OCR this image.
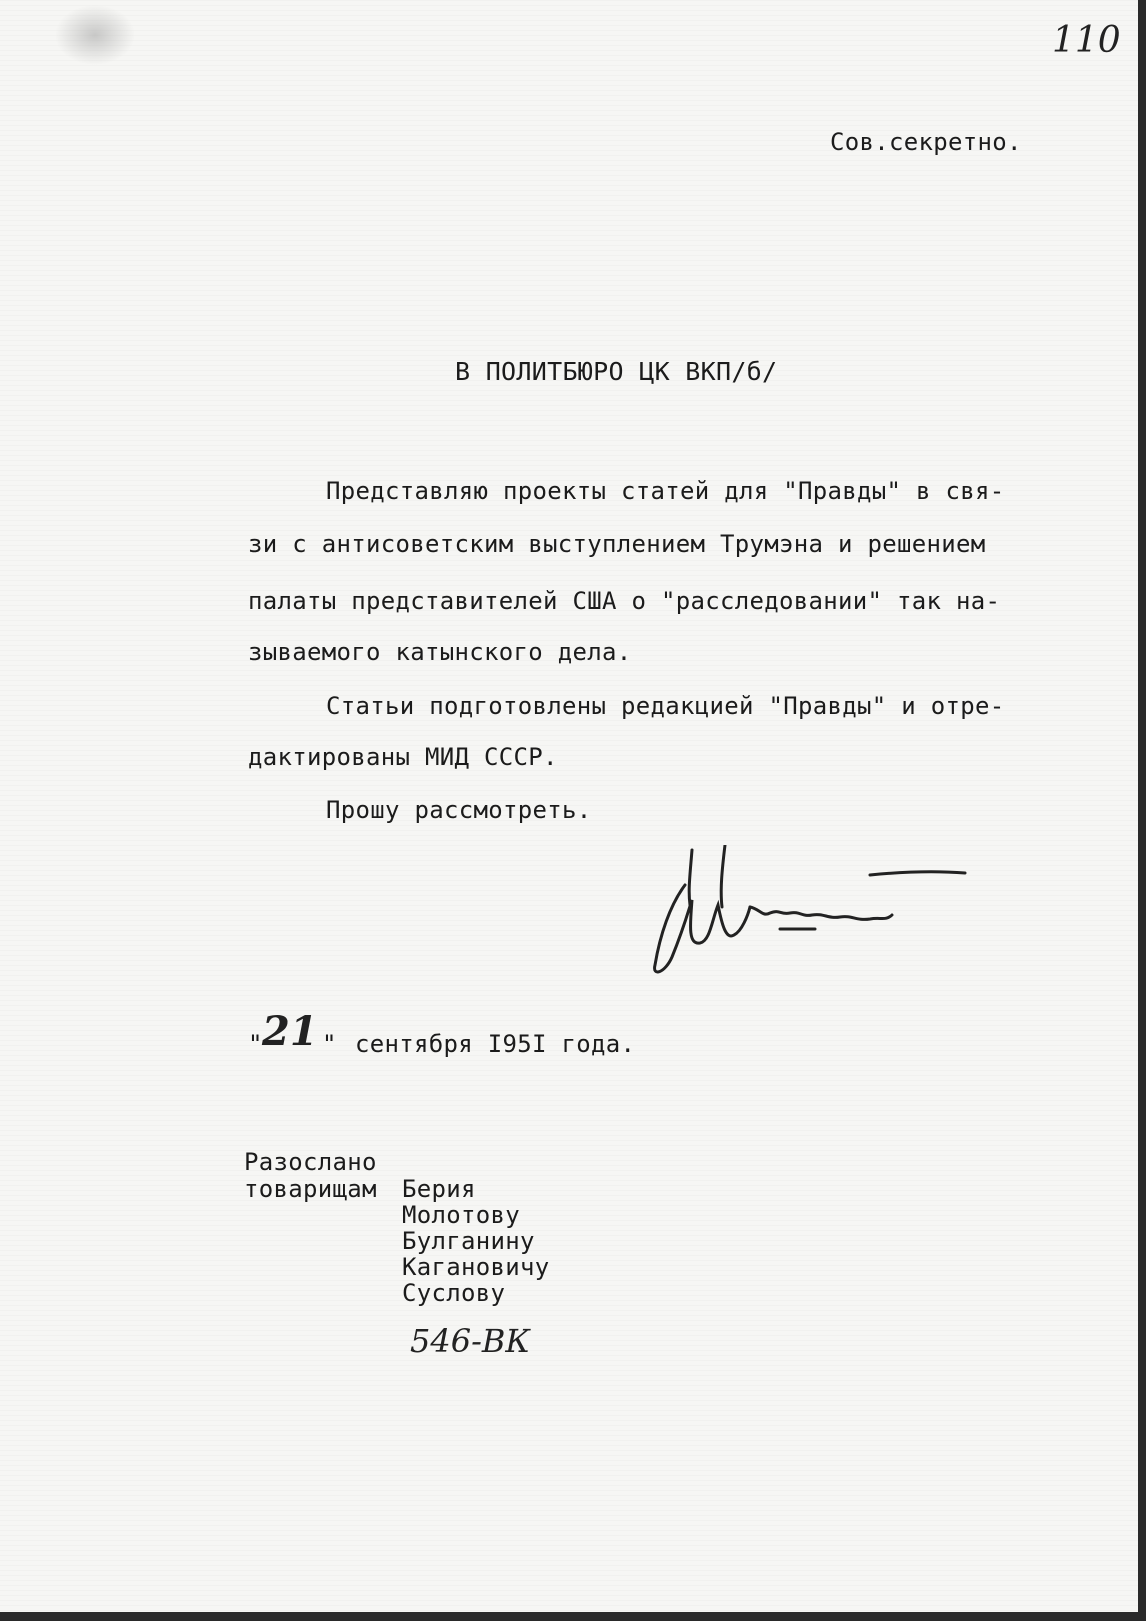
110
Сов.секретно.
В ПОЛИТБЮРО ЦК ВКП/б/
Представляю проекты статей для "Правды" в свя-
зи с антисоветским выступлением Трумэна и решением
палаты представителей США о "расследовании" так на-
зываемого катынского дела.
Статьи подготовлены редакцией "Правды" и отре-
дактированы МИД СССР.
Прошу рассмотреть.
" 21 " сентября I95I года.
Разослано
товарищам Берия
Молотову
Булганину
Кагановичу
Суслову
546-ВК
